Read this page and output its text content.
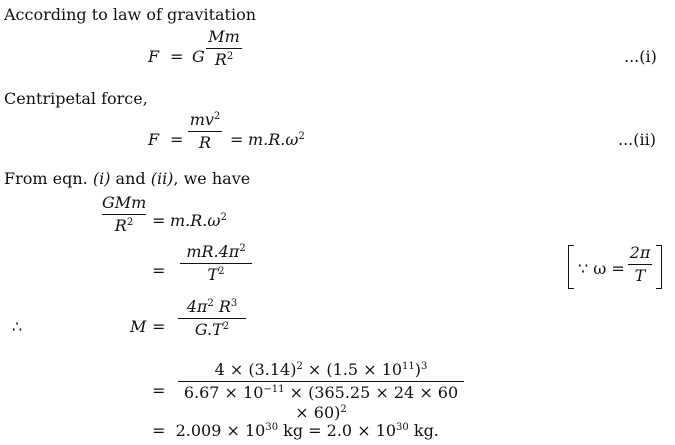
According to law of gravitation
F = G
Mm
$R^2$	...(i)
Centripetal force,
F =
$mv^2$
R	= $m.R.\omega^2$	...(ii)
From eqn. (i) and (ii), we have
GMm
$R^2$	= $m.R.\omega^2$
=
$mR.4\pi^2$
$T^2$	∵ ω =
2π
T
∴	M =
$4\pi^2$ $R^3$
$G.T^2$
=
$4 \times (3.14)^2 \times (1.5 \times 10^{11})^3$
$6.67 \times 10^{-11} \times (365.25 \times 24 \times 60 \times 60)^2$
= $2.009 \times 10^{30}$ kg = $2.0 \times 10^{30}$ kg.
